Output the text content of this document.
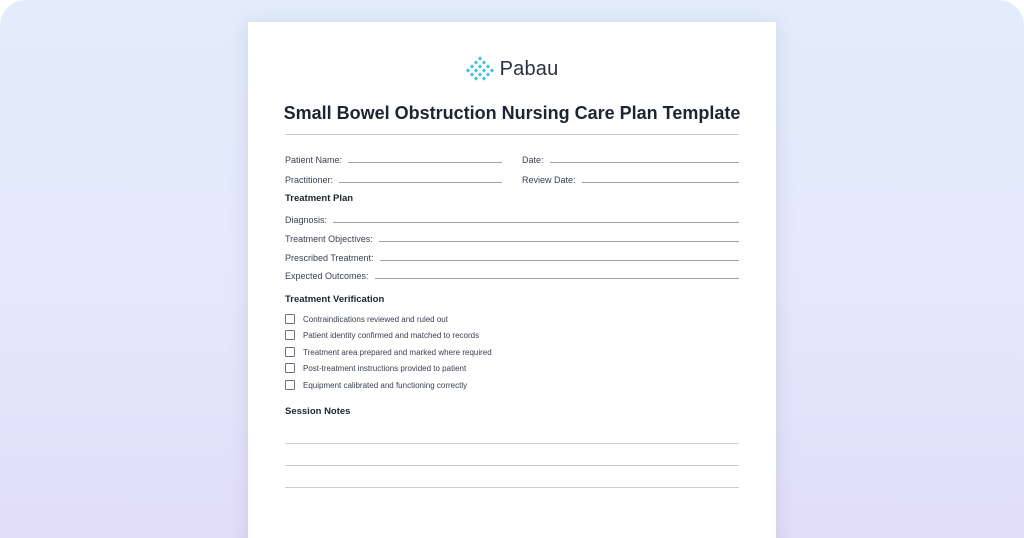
Pabau
Small Bowel Obstruction Nursing Care Plan Template
Patient Name:	Date:
Practitioner:	Review Date:
Treatment Plan
Diagnosis:
Treatment Objectives:
Prescribed Treatment:
Expected Outcomes:
Treatment Verification
Contraindications reviewed and ruled out
Patient identity confirmed and matched to records
Treatment area prepared and marked where required
Post-treatment instructions provided to patient
Equipment calibrated and functioning correctly
Session Notes
